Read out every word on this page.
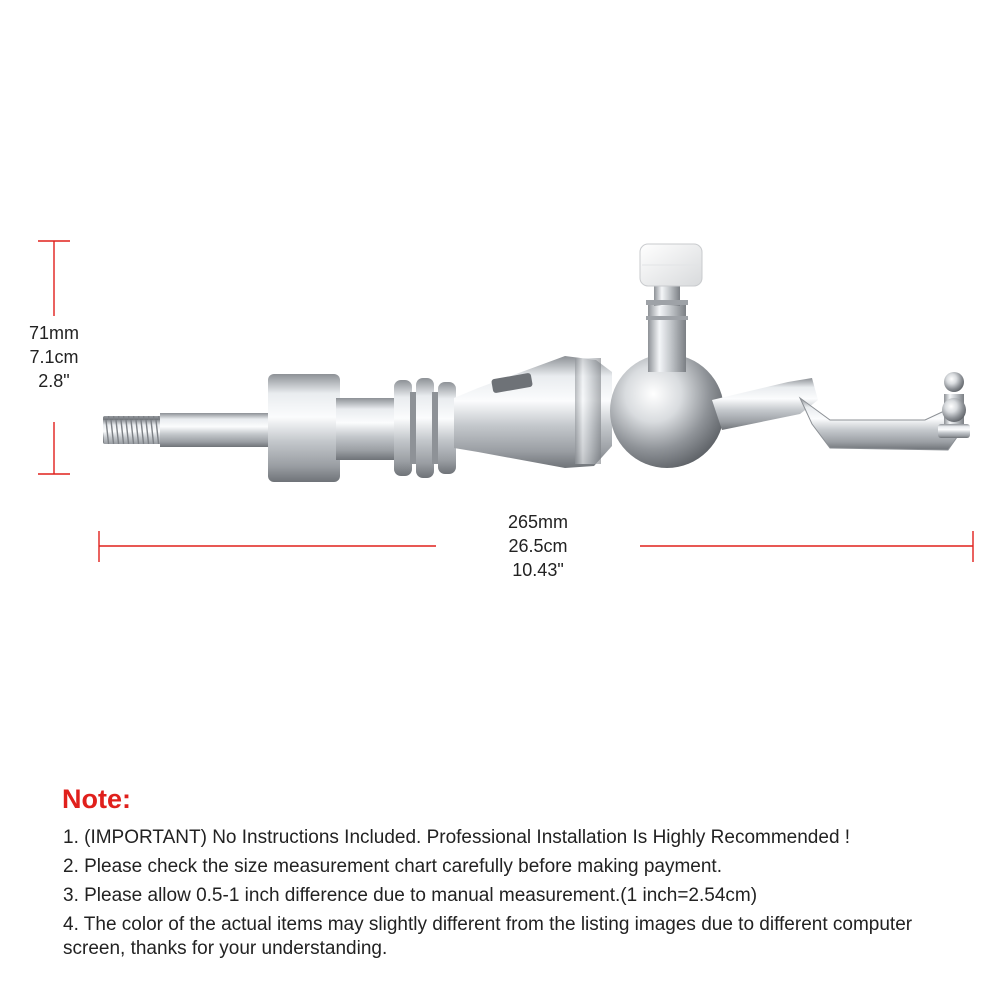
71mm
7.1cm
2.8"
265mm
26.5cm
10.43"
Note:
1. (IMPORTANT) No Instructions Included. Professional Installation Is Highly Recommended !
2. Please check the size measurement chart carefully before making payment.
3. Please allow 0.5-1 inch difference due to manual measurement.(1 inch=2.54cm)
4. The color of the actual items may slightly different from the listing images due to different computer screen, thanks for your understanding.
